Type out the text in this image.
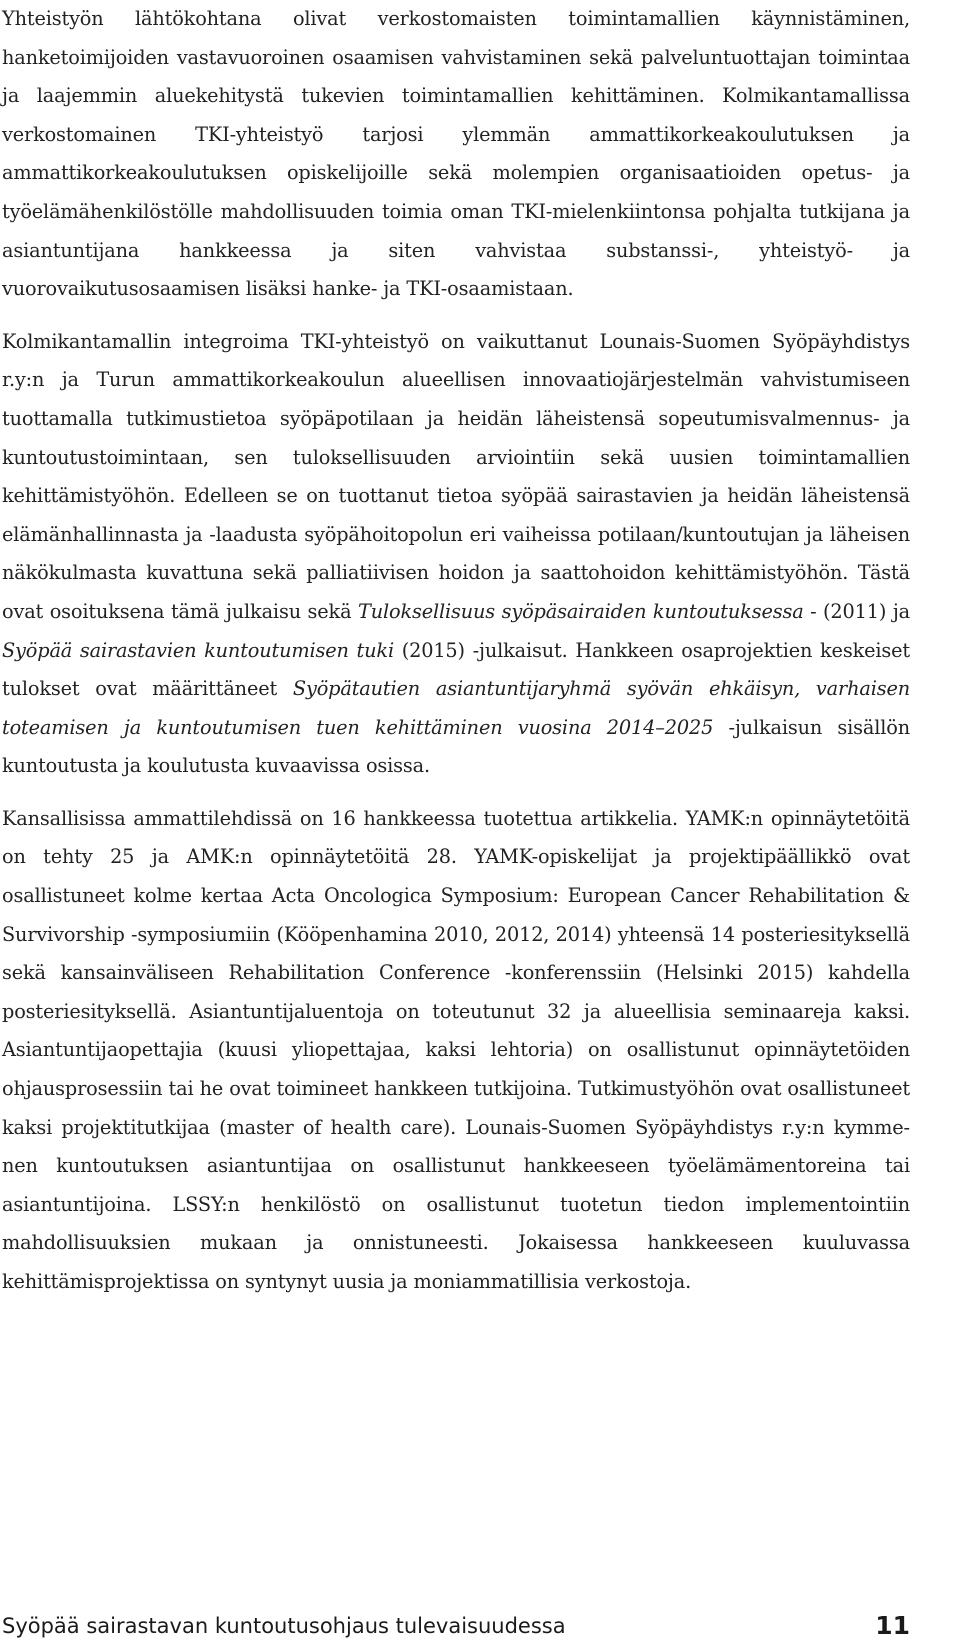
Yhteistyön lähtökohtana olivat verkostomaisten toimintamallien käynnistäminen, hanketoimijoiden vastavuoroinen osaamisen vahvistaminen sekä palveluntuottajan toimintaa ja laajemmin aluekehitystä tukevien toimintamallien kehittäminen. Kolmikantamallissa verkostomainen TKI-yhteistyö tarjosi ylemmän ammattikorkeakoulutuksen ja ammattikorkeakoulutuksen opiskelijoille sekä molempien organisaatioiden opetus- ja työelämähenkilöstölle mahdollisuuden toimia oman TKI-mielenkiintonsa pohjalta tutkijana ja asiantuntijana hankkeessa ja siten vahvistaa substanssi-, yhteistyö- ja vuorovaikutusosaamisen lisäksi hanke- ja TKI-osaamistaan.

Kolmikantamallin integroima TKI-yhteistyö on vaikuttanut Lounais-Suomen Syöpäyhdistys r.y:n ja Turun ammattikorkeakoulun alueellisen innovaatiojärjestelmän vahvistumiseen tuottamalla tutkimustietoa syöpäpotilaan ja heidän läheistensä sopeutumisvalmennus- ja kuntoutustoimintaan, sen tuloksellisuuden arviointiin sekä uusien toimintamallien kehittämistyöhön. Edelleen se on tuottanut tietoa syöpää sairastavien ja heidän läheistensä elämänhallinnasta ja -laadusta syöpähoitopolun eri vaiheissa potilaan/kuntoutujan ja läheisen näkökulmasta kuvattuna sekä palliatiivisen hoidon ja saattohoidon kehittämistyöhön. Tästä ovat osoituksena tämä julkaisu sekä Tuloksellisuus syöpäsairaiden kuntoutuksessa - (2011) ja Syöpää sairastavien kuntoutumisen tuki (2015) -julkaisut. Hankkeen osaprojektien keskeiset tulokset ovat määrittäneet Syöpätautien asiantuntijaryhmä syövän ehkäisyn, varhaisen toteamisen ja kuntoutumisen tuen kehittäminen vuosina 2014–2025 -julkaisun sisällön kuntoutusta ja koulutusta kuvaavissa osissa.

Kansallisissa ammattilehdissä on 16 hankkeessa tuotettua artikkelia. YAMK:n opinnäytetöitä on tehty 25 ja AMK:n opinnäytetöitä 28. YAMK-opiskelijat ja projektipäällikkö ovat osallistuneet kolme kertaa Acta Oncologica Symposium: European Cancer Rehabilitation & Survivorship -symposiumiin (Kööpenhamina 2010, 2012, 2014) yhteensä 14 posteriesityksellä sekä kansainväliseen Rehabilitation Conference -konferenssiin (Helsinki 2015) kahdella posteriesityksellä. Asiantuntijaluentoja on toteutunut 32 ja alueellisia seminaareja kaksi. Asiantuntijaopettajia (kuusi yliopettajaa, kaksi lehtoria) on osallistunut opinnäytetöiden ohjausprosessiin tai he ovat toimineet hankkeen tutkijoina. Tutkimustyöhön ovat osallistuneet kaksi projektitutkijaa (master of health care). Lounais-Suomen Syöpäyhdistys r.y:n kymmenen kuntoutuksen asiantuntijaa on osallistunut hankkeeseen työelämämentoreina tai asiantuntijoina. LSSY:n henkilöstö on osallistunut tuotetun tiedon implementointiin mahdollisuuksien mukaan ja onnistuneesti. Jokaisessa hankkeeseen kuuluvassa kehittämisprojektissa on syntynyt uusia ja moniammatillisia verkostoja.

Syöpää sairastavan kuntoutusohjaus tulevaisuudessa	11
